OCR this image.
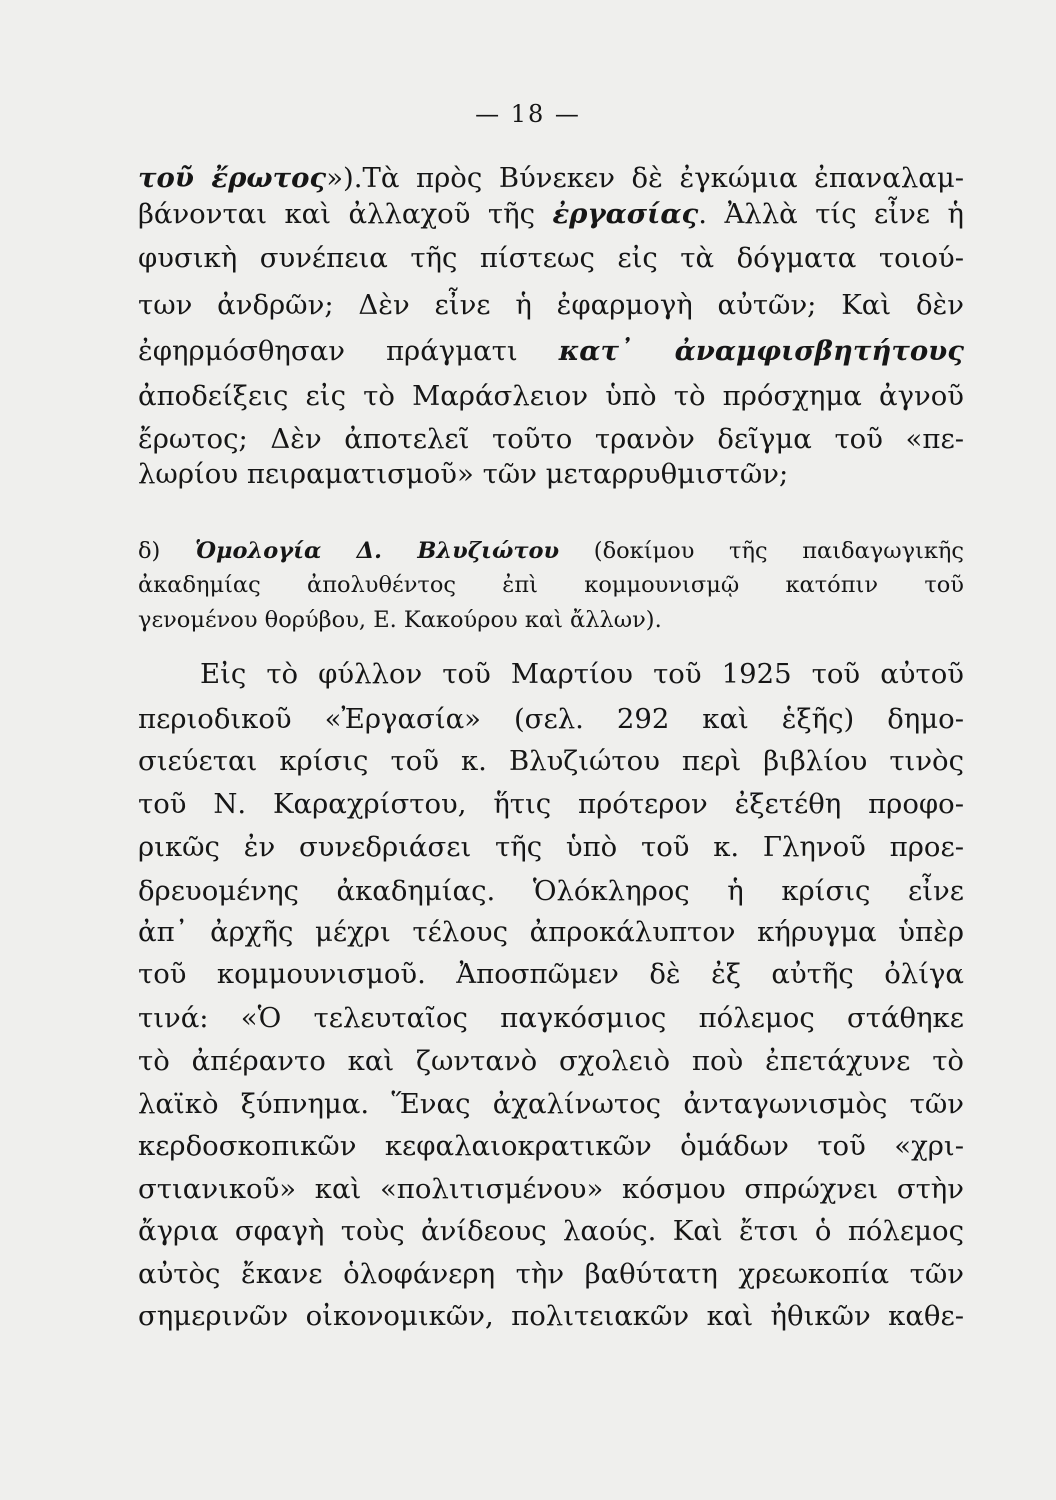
— 18 —
τοῦ ἔρωτος»).Τὰ πρὸς Βύνεκεν δὲ ἐγκώμια ἐπαναλαμ-
βάνονται καὶ ἀλλαχοῦ τῆς ἐργασίας. Ἀλλὰ τίς εἶνε ἡ
φυσικὴ συνέπεια τῆς πίστεως εἰς τὰ δόγματα τοιού-
των ἀνδρῶν; Δὲν εἶνε ἡ ἐφαρμογὴ αὐτῶν; Καὶ δὲν
ἐφηρμόσθησαν πράγματι κατ᾽ ἀναμφισβητήτους
ἀποδείξεις εἰς τὸ Μαράσλειον ὑπὸ τὸ πρόσχημα ἀγνοῦ
ἔρωτος; Δὲν ἀποτελεῖ τοῦτο τρανὸν δεῖγμα τοῦ «πε-
λωρίου πειραματισμοῦ» τῶν μεταρρυθμιστῶν;
δ) Ὁμολογία Δ. Βλυζιώτου (δοκίμου τῆς παιδαγωγικῆς
ἀκαδημίας ἀπολυθέντος ἐπὶ κομμουνισμῷ κατόπιν τοῦ
γενομένου θορύβου, Ε. Κακούρου καὶ ἄλλων).
Εἰς τὸ φύλλον τοῦ Μαρτίου τοῦ 1925 τοῦ αὐτοῦ
περιοδικοῦ «Ἐργασία» (σελ. 292 καὶ ἑξῆς) δημο-
σιεύεται κρίσις τοῦ κ. Βλυζιώτου περὶ βιβλίου τινὸς
τοῦ Ν. Καραχρίστου, ἥτις πρότερον ἐξετέθη προφο-
ρικῶς ἐν συνεδριάσει τῆς ὑπὸ τοῦ κ. Γληνοῦ προε-
δρευομένης ἀκαδημίας. Ὁλόκληρος ἡ κρίσις εἶνε
ἀπ᾽ ἀρχῆς μέχρι τέλους ἀπροκάλυπτον κήρυγμα ὑπὲρ
τοῦ κομμουνισμοῦ. Ἀποσπῶμεν δὲ ἐξ αὐτῆς ὀλίγα
τινά: «Ὁ τελευταῖος παγκόσμιος πόλεμος στάθηκε
τὸ ἀπέραντο καὶ ζωντανὸ σχολειὸ ποὺ ἐπετάχυνε τὸ
λαϊκὸ ξύπνημα. Ἕνας ἀχαλίνωτος ἀνταγωνισμὸς τῶν
κερδοσκοπικῶν κεφαλαιοκρατικῶν ὁμάδων τοῦ «χρι-
στιανικοῦ» καὶ «πολιτισμένου» κόσμου σπρώχνει στὴν
ἄγρια σφαγὴ τοὺς ἀνίδεους λαούς. Καὶ ἔτσι ὁ πόλεμος
αὐτὸς ἔκανε ὁλοφάνερη τὴν βαθύτατη χρεωκοπία τῶν
σημερινῶν οἰκονομικῶν, πολιτειακῶν καὶ ἠθικῶν καθε-
